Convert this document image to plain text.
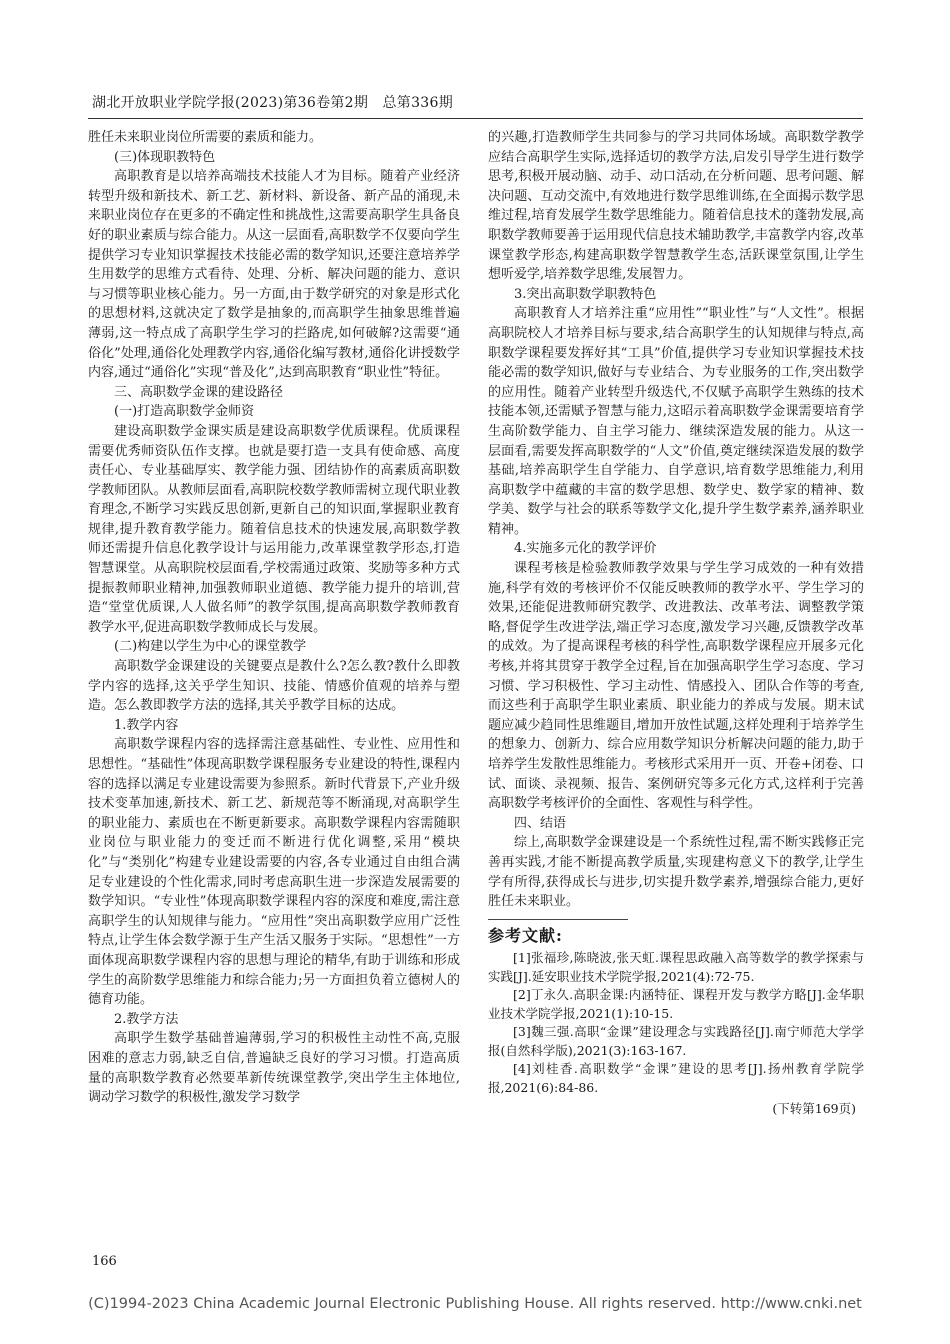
湖北开放职业学院学报(2023)第36卷第2期　总第336期

胜任未来职业岗位所需要的素质和能力。

(三)体现职教特色

高职教育是以培养高端技术技能人才为目标。随着产业经济转型升级和新技术、新工艺、新材料、新设备、新产品的涌现,未来职业岗位存在更多的不确定性和挑战性,这需要高职学生具备良好的职业素质与综合能力。从这一层面看,高职数学不仅要向学生提供学习专业知识掌握技术技能必需的数学知识,还要注意培养学生用数学的思维方式看待、处理、分析、解决问题的能力、意识与习惯等职业核心能力。另一方面,由于数学研究的对象是形式化的思想材料,这就决定了数学是抽象的,而高职学生抽象思维普遍薄弱,这一特点成了高职学生学习的拦路虎,如何破解?这需要“通俗化”处理,通俗化处理教学内容,通俗化编写教材,通俗化讲授数学内容,通过“通俗化”实现“普及化”,达到高职教育“职业性”特征。

三、高职数学金课的建设路径

(一)打造高职数学金师资

建设高职数学金课实质是建设高职数学优质课程。优质课程需要优秀师资队伍作支撑。也就是要打造一支具有使命感、高度责任心、专业基础厚实、教学能力强、团结协作的高素质高职数学教师团队。从教师层面看,高职院校数学教师需树立现代职业教育理念,不断学习实践反思创新,更新自己的知识面,掌握职业教育规律,提升教育教学能力。随着信息技术的快速发展,高职数学教师还需提升信息化教学设计与运用能力,改革课堂教学形态,打造智慧课堂。从高职院校层面看,学校需通过政策、奖励等多种方式提振教师职业精神,加强教师职业道德、教学能力提升的培训,营造“堂堂优质课,人人做名师”的教学氛围,提高高职数学教师教育教学水平,促进高职数学教师成长与发展。

(二)构建以学生为中心的课堂教学

高职数学金课建设的关键要点是教什么?怎么教?教什么即教学内容的选择,这关乎学生知识、技能、情感价值观的培养与塑造。怎么教即教学方法的选择,其关乎教学目标的达成。

1.教学内容

高职数学课程内容的选择需注意基础性、专业性、应用性和思想性。“基础性”体现高职数学课程服务专业建设的特性,课程内容的选择以满足专业建设需要为参照系。新时代背景下,产业升级技术变革加速,新技术、新工艺、新规范等不断涌现,对高职学生的职业能力、素质也在不断更新要求。高职数学课程内容需随职业岗位与职业能力的变迁而不断进行优化调整,采用“模块化”与“类别化”构建专业建设需要的内容,各专业通过自由组合满足专业建设的个性化需求,同时考虑高职生进一步深造发展需要的数学知识。“专业性”体现高职数学课程内容的深度和难度,需注意高职学生的认知规律与能力。“应用性”突出高职数学应用广泛性特点,让学生体会数学源于生产生活又服务于实际。“思想性”一方面体现高职数学课程内容的思想与理论的精华,有助于训练和形成学生的高阶数学思维能力和综合能力;另一方面担负着立德树人的德育功能。

2.教学方法

高职学生数学基础普遍薄弱,学习的积极性主动性不高,克服困难的意志力弱,缺乏自信,普遍缺乏良好的学习习惯。打造高质量的高职数学教育必然要革新传统课堂教学,突出学生主体地位,调动学习数学的积极性,激发学习数学

的兴趣,打造教师学生共同参与的学习共同体场域。高职数学教学应结合高职学生实际,选择适切的教学方法,启发引导学生进行数学思考,积极开展动脑、动手、动口活动,在分析问题、思考问题、解决问题、互动交流中,有效地进行数学思维训练,在全面揭示数学思维过程,培育发展学生数学思维能力。随着信息技术的蓬勃发展,高职数学教师要善于运用现代信息技术辅助教学,丰富教学内容,改革课堂教学形态,构建高职数学智慧教学生态,活跃课堂氛围,让学生想听爱学,培养数学思维,发展智力。

3.突出高职数学职教特色

高职教育人才培养注重“应用性”“职业性”与“人文性”。根据高职院校人才培养目标与要求,结合高职学生的认知规律与特点,高职数学课程要发挥好其“工具”价值,提供学习专业知识掌握技术技能必需的数学知识,做好与专业结合、为专业服务的工作,突出数学的应用性。随着产业转型升级迭代,不仅赋予高职学生熟练的技术技能本领,还需赋予智慧与能力,这昭示着高职数学金课需要培育学生高阶数学能力、自主学习能力、继续深造发展的能力。从这一层面看,需要发挥高职数学的“人文”价值,奠定继续深造发展的数学基础,培养高职学生自学能力、自学意识,培育数学思维能力,利用高职数学中蕴藏的丰富的数学思想、数学史、数学家的精神、数学美、数学与社会的联系等数学文化,提升学生数学素养,涵养职业精神。

4.实施多元化的教学评价

课程考核是检验教师教学效果与学生学习成效的一种有效措施,科学有效的考核评价不仅能反映教师的教学水平、学生学习的效果,还能促进教师研究教学、改进教法、改革考法、调整教学策略,督促学生改进学法,端正学习态度,激发学习兴趣,反馈教学改革的成效。为了提高课程考核的科学性,高职数学课程应开展多元化考核,并将其贯穿于教学全过程,旨在加强高职学生学习态度、学习习惯、学习积极性、学习主动性、情感投入、团队合作等的考查,而这些利于高职学生职业素质、职业能力的养成与发展。期末试题应减少趋同性思维题目,增加开放性试题,这样处理利于培养学生的想象力、创新力、综合应用数学知识分析解决问题的能力,助于培养学生发散性思维能力。考核形式采用开一页、开卷+闭卷、口试、面谈、录视频、报告、案例研究等多元化方式,这样利于完善高职数学考核评价的全面性、客观性与科学性。

四、结语

综上,高职数学金课建设是一个系统性过程,需不断实践修正完善再实践,才能不断提高教学质量,实现建构意义下的教学,让学生学有所得,获得成长与进步,切实提升数学素养,增强综合能力,更好胜任未来职业。

参考文献:

[1]张福珍,陈晓波,张天虹.课程思政融入高等数学的教学探索与实践[J].延安职业技术学院学报,2021(4):72-75.

[2]丁永久.高职金课:内涵特征、课程开发与教学方略[J].金华职业技术学院学报,2021(1):10-15.

[3]魏三强.高职“金课”建设理念与实践路径[J].南宁师范大学学报(自然科学版),2021(3):163-167.

[4]刘桂香.高职数学“金课”建设的思考[J].扬州教育学院学报,2021(6):84-86.

(下转第169页)
166
(C)1994-2023 China Academic Journal Electronic Publishing House. All rights reserved. http://www.cnki.net
